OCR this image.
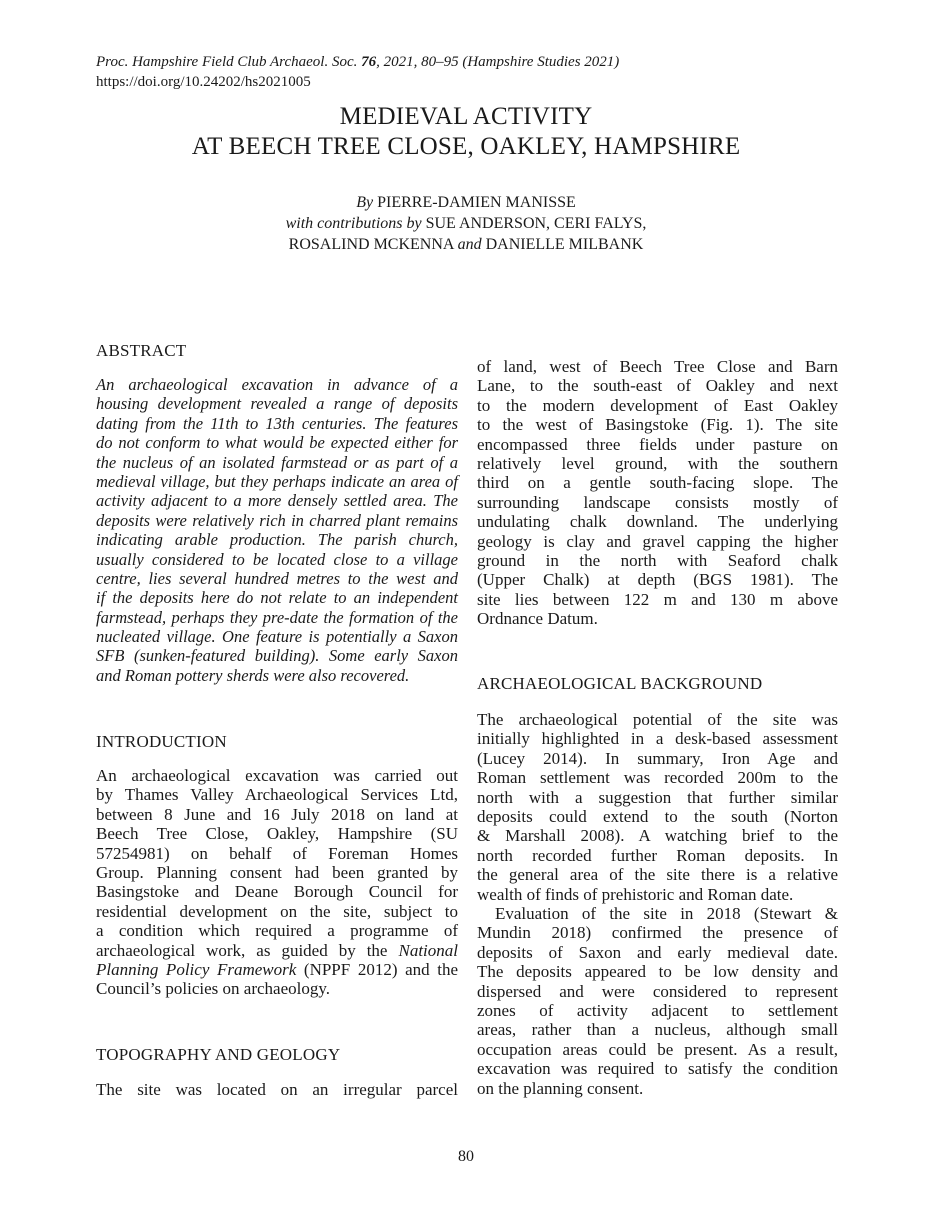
Proc. Hampshire Field Club Archaeol. Soc. 76, 2021, 80–95 (Hampshire Studies 2021)
https://doi.org/10.24202/hs2021005
MEDIEVAL ACTIVITY
AT BEECH TREE CLOSE, OAKLEY, HAMPSHIRE
By PIERRE-DAMIEN MANISSE
with contributions by SUE ANDERSON, CERI FALYS,
ROSALIND MCKENNA and DANIELLE MILBANK
ABSTRACT
An archaeological excavation in advance of a
housing development revealed a range of deposits
dating from the 11th to 13th centuries. The features
do not conform to what would be expected either for
the nucleus of an isolated farmstead or as part of a
medieval village, but they perhaps indicate an area of
activity adjacent to a more densely settled area. The
deposits were relatively rich in charred plant remains
indicating arable production. The parish church,
usually considered to be located close to a village
centre, lies several hundred metres to the west and
if the deposits here do not relate to an independent
farmstead, perhaps they pre-date the formation of the
nucleated village. One feature is potentially a Saxon
SFB (sunken-featured building). Some early Saxon
and Roman pottery sherds were also recovered.
INTRODUCTION
An archaeological excavation was carried out
by Thames Valley Archaeological Services Ltd,
between 8 June and 16 July 2018 on land at
Beech Tree Close, Oakley, Hampshire (SU
57254981) on behalf of Foreman Homes
Group. Planning consent had been granted by
Basingstoke and Deane Borough Council for
residential development on the site, subject to
a condition which required a programme of
archaeological work, as guided by the National
Planning Policy Framework (NPPF 2012) and the
Council’s policies on archaeology.
TOPOGRAPHY AND GEOLOGY
The site was located on an irregular parcel
of land, west of Beech Tree Close and Barn
Lane, to the south-east of Oakley and next
to the modern development of East Oakley
to the west of Basingstoke (Fig. 1). The site
encompassed three fields under pasture on
relatively level ground, with the southern
third on a gentle south-facing slope. The
surrounding landscape consists mostly of
undulating chalk downland. The underlying
geology is clay and gravel capping the higher
ground in the north with Seaford chalk
(Upper Chalk) at depth (BGS 1981). The
site lies between 122 m and 130 m above
Ordnance Datum.
ARCHAEOLOGICAL BACKGROUND
The archaeological potential of the site was
initially highlighted in a desk-based assessment
(Lucey 2014). In summary, Iron Age and
Roman settlement was recorded 200m to the
north with a suggestion that further similar
deposits could extend to the south (Norton
& Marshall 2008). A watching brief to the
north recorded further Roman deposits. In
the general area of the site there is a relative
wealth of finds of prehistoric and Roman date.
Evaluation of the site in 2018 (Stewart &
Mundin 2018) confirmed the presence of
deposits of Saxon and early medieval date.
The deposits appeared to be low density and
dispersed and were considered to represent
zones of activity adjacent to settlement
areas, rather than a nucleus, although small
occupation areas could be present. As a result,
excavation was required to satisfy the condition
on the planning consent.
80
